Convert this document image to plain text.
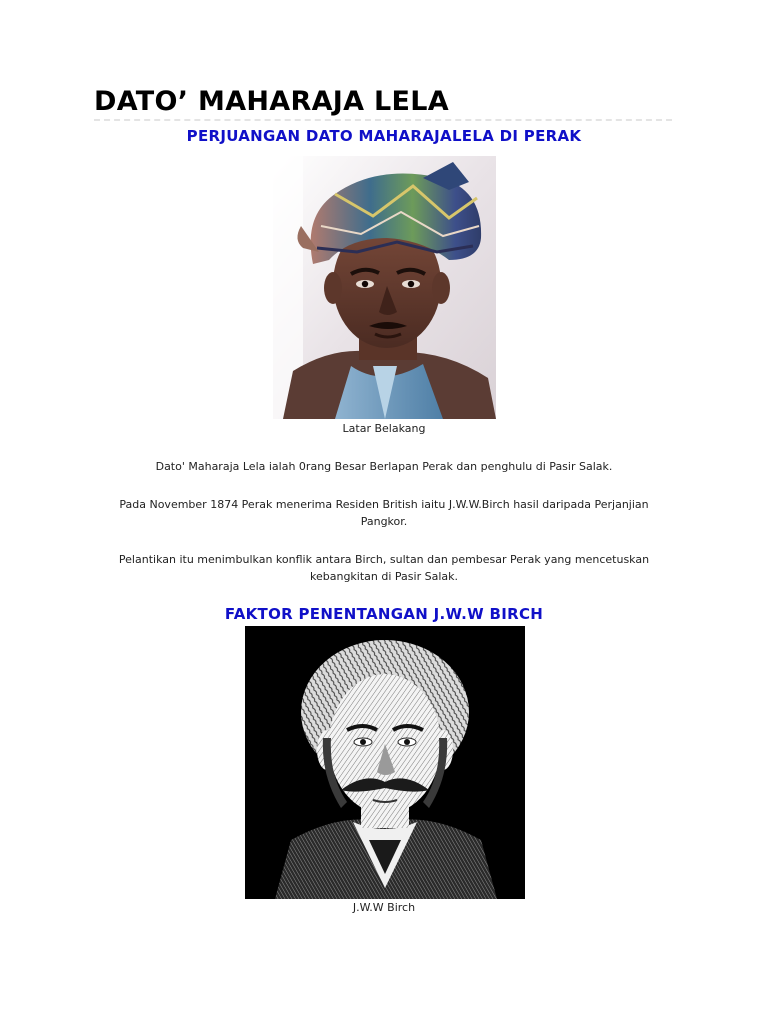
DATO’ MAHARAJA LELA
PERJUANGAN DATO MAHARAJALELA DI PERAK

Latar Belakang

Dato' Maharaja Lela ialah 0rang Besar Berlapan Perak dan penghulu di Pasir Salak.

Pada November 1874 Perak menerima Residen British iaitu J.W.W.Birch hasil daripada Perjanjian Pangkor.

Pelantikan itu menimbulkan konflik antara Birch, sultan dan pembesar Perak yang mencetuskan kebangkitan di Pasir Salak.

FAKTOR PENENTANGAN J.W.W BIRCH

J.W.W Birch
